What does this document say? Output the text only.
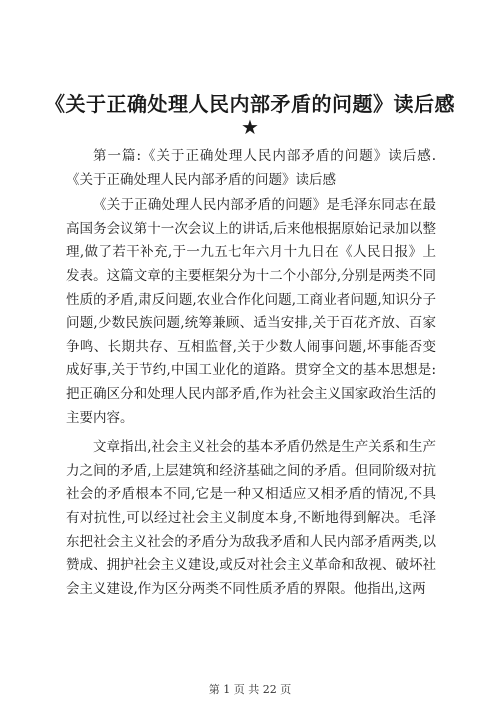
《关于正确处理人民内部矛盾的问题》读后感
★

第一篇:《关于正确处理人民内部矛盾的问题》读后感.《关于正确处理人民内部矛盾的问题》读后感

《关于正确处理人民内部矛盾的问题》是毛泽东同志在最高国务会议第十一次会议上的讲话,后来他根据原始记录加以整理,做了若干补充,于一九五七年六月十九日在《人民日报》上发表。这篇文章的主要框架分为十二个小部分,分别是两类不同性质的矛盾,肃反问题,农业合作化问题,工商业者问题,知识分子问题,少数民族问题,统筹兼顾、适当安排,关于百花齐放、百家争鸣、长期共存、互相监督,关于少数人闹事问题,坏事能否变成好事,关于节约,中国工业化的道路。贯穿全文的基本思想是:把正确区分和处理人民内部矛盾,作为社会主义国家政治生活的主要内容。

文章指出,社会主义社会的基本矛盾仍然是生产关系和生产力之间的矛盾,上层建筑和经济基础之间的矛盾。但同阶级对抗社会的矛盾根本不同,它是一种又相适应又相矛盾的情况,不具有对抗性,可以经过社会主义制度本身,不断地得到解决。毛泽东把社会主义社会的矛盾分为敌我矛盾和人民内部矛盾两类,以赞成、拥护社会主义建设,或反对社会主义革命和敌视、破坏社会主义建设,作为区分两类不同性质矛盾的界限。他指出,这两

第 1 页 共 22 页
